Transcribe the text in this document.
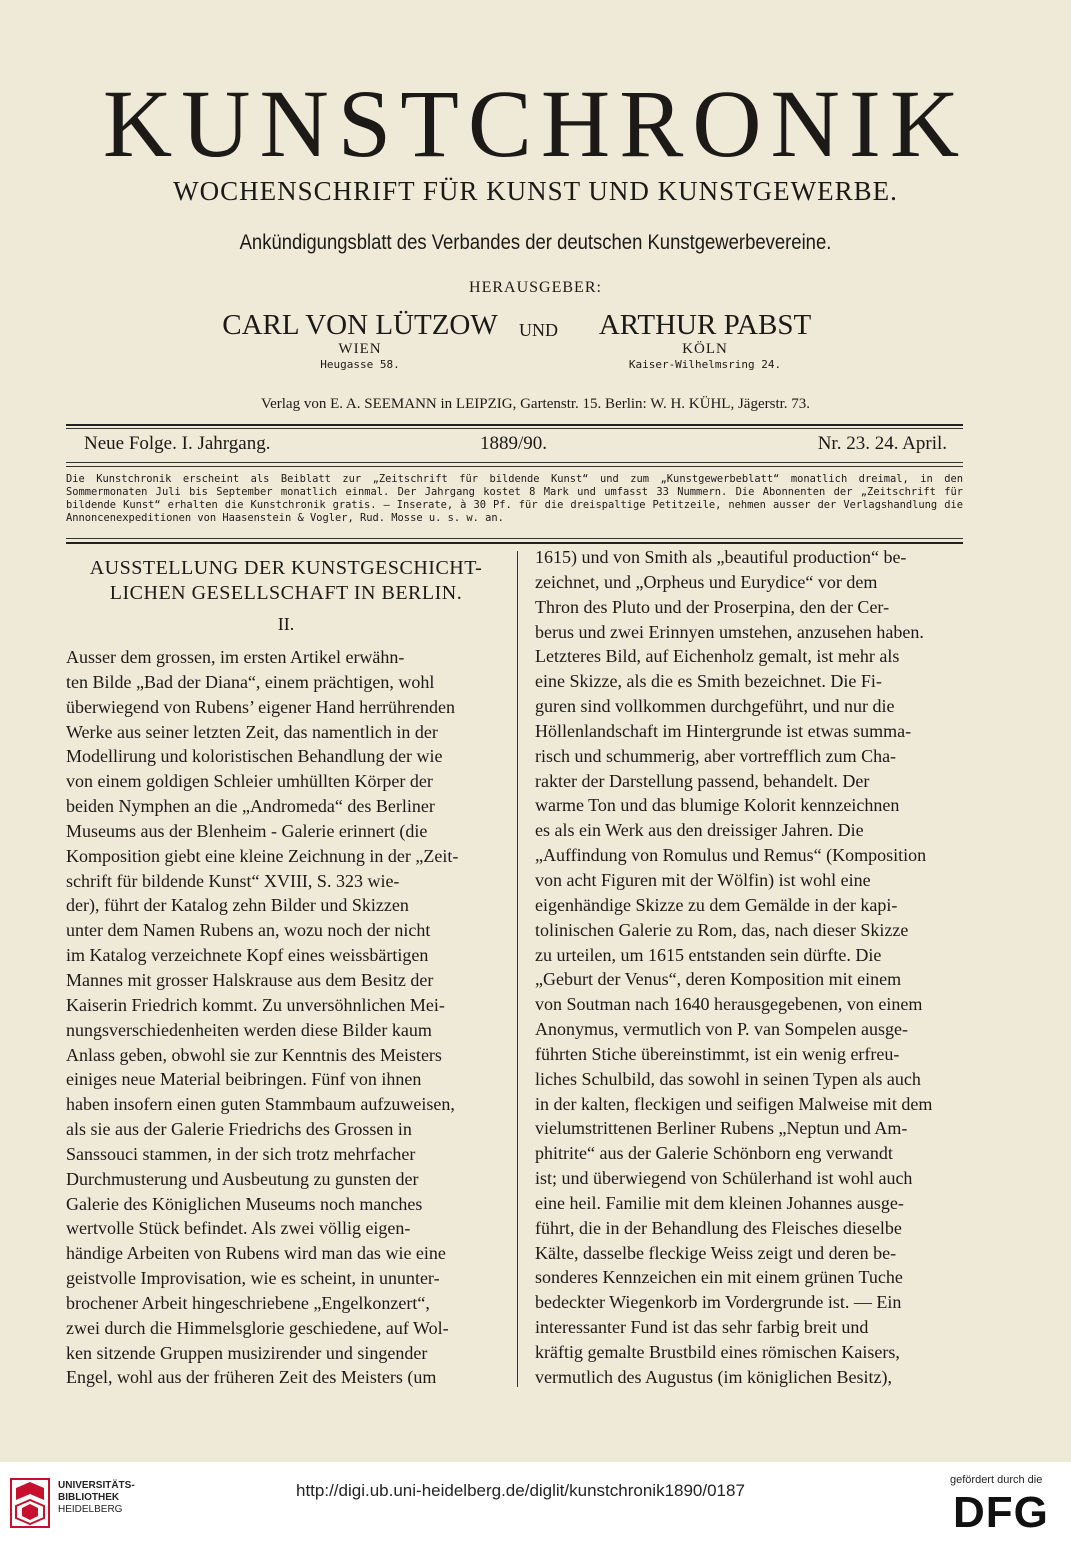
KUNSTCHRONIK
WOCHENSCHRIFT FÜR KUNST UND KUNSTGEWERBE.
Ankündigungsblatt des Verbandes der deutschen Kunstgewerbevereine.
HERAUSGEBER:
CARL VON LÜTZOW
WIEN
Heugasse 58.
UND	ARTHUR PABST
KÖLN
Kaiser-Wilhelmsring 24.
Verlag von E. A. SEEMANN in LEIPZIG, Gartenstr. 15. Berlin: W. H. KÜHL, Jägerstr. 73.
Neue Folge. I. Jahrgang.	1889/90.	Nr. 23. 24. April.
Die Kunstchronik erscheint als Beiblatt zur „Zeitschrift für bildende Kunst“ und zum „Kunstgewerbeblatt“ monatlich dreimal, in den Sommermonaten Juli bis September monatlich einmal. Der Jahrgang kostet 8 Mark und umfasst 33 Nummern. Die Abonnenten der „Zeitschrift für bildende Kunst“ erhalten die Kunstchronik gratis. — Inserate, à 30 Pf. für die dreispaltige Petitzeile, nehmen ausser der Verlagshandlung die Annoncenexpeditionen von Haasenstein & Vogler, Rud. Mosse u. s. w. an.
AUSSTELLUNG DER KUNSTGESCHICHT-
LICHEN GESELLSCHAFT IN BERLIN.
II.
Ausser dem grossen, im ersten Artikel erwähn-
ten Bilde „Bad der Diana“, einem prächtigen, wohl
überwiegend von Rubens’ eigener Hand herrührenden
Werke aus seiner letzten Zeit, das namentlich in der
Modellirung und koloristischen Behandlung der wie
von einem goldigen Schleier umhüllten Körper der
beiden Nymphen an die „Andromeda“ des Berliner
Museums aus der Blenheim - Galerie erinnert (die
Komposition giebt eine kleine Zeichnung in der „Zeit-
schrift für bildende Kunst“ XVIII, S. 323 wie-
der), führt der Katalog zehn Bilder und Skizzen
unter dem Namen Rubens an, wozu noch der nicht
im Katalog verzeichnete Kopf eines weissbärtigen
Mannes mit grosser Halskrause aus dem Besitz der
Kaiserin Friedrich kommt. Zu unversöhnlichen Mei-
nungsverschiedenheiten werden diese Bilder kaum
Anlass geben, obwohl sie zur Kenntnis des Meisters
einiges neue Material beibringen. Fünf von ihnen
haben insofern einen guten Stammbaum aufzuweisen,
als sie aus der Galerie Friedrichs des Grossen in
Sanssouci stammen, in der sich trotz mehrfacher
Durchmusterung und Ausbeutung zu gunsten der
Galerie des Königlichen Museums noch manches
wertvolle Stück befindet. Als zwei völlig eigen-
händige Arbeiten von Rubens wird man das wie eine
geistvolle Improvisation, wie es scheint, in ununter-
brochener Arbeit hingeschriebene „Engelkonzert“,
zwei durch die Himmelsglorie geschiedene, auf Wol-
ken sitzende Gruppen musizirender und singender
Engel, wohl aus der früheren Zeit des Meisters (um
1615) und von Smith als „beautiful production“ be-
zeichnet, und „Orpheus und Eurydice“ vor dem
Thron des Pluto und der Proserpina, den der Cer-
berus und zwei Erinnyen umstehen, anzusehen haben.
Letzteres Bild, auf Eichenholz gemalt, ist mehr als
eine Skizze, als die es Smith bezeichnet. Die Fi-
guren sind vollkommen durchgeführt, und nur die
Höllenlandschaft im Hintergrunde ist etwas summa-
risch und schummerig, aber vortrefflich zum Cha-
rakter der Darstellung passend, behandelt. Der
warme Ton und das blumige Kolorit kennzeichnen
es als ein Werk aus den dreissiger Jahren. Die
„Auffindung von Romulus und Remus“ (Komposition
von acht Figuren mit der Wölfin) ist wohl eine
eigenhändige Skizze zu dem Gemälde in der kapi-
tolinischen Galerie zu Rom, das, nach dieser Skizze
zu urteilen, um 1615 entstanden sein dürfte. Die
„Geburt der Venus“, deren Komposition mit einem
von Soutman nach 1640 herausgegebenen, von einem
Anonymus, vermutlich von P. van Sompelen ausge-
führten Stiche übereinstimmt, ist ein wenig erfreu-
liches Schulbild, das sowohl in seinen Typen als auch
in der kalten, fleckigen und seifigen Malweise mit dem
vielumstrittenen Berliner Rubens „Neptun und Am-
phitrite“ aus der Galerie Schönborn eng verwandt
ist; und überwiegend von Schülerhand ist wohl auch
eine heil. Familie mit dem kleinen Johannes ausge-
führt, die in der Behandlung des Fleisches dieselbe
Kälte, dasselbe fleckige Weiss zeigt und deren be-
sonderes Kennzeichen ein mit einem grünen Tuche
bedeckter Wiegenkorb im Vordergrunde ist. — Ein
interessanter Fund ist das sehr farbig breit und
kräftig gemalte Brustbild eines römischen Kaisers,
vermutlich des Augustus (im königlichen Besitz),
UNIVERSITÄTS-
BIBLIOTHEK
HEIDELBERG
http://digi.ub.uni-heidelberg.de/diglit/kunstchronik1890/0187
gefördert durch die
DFG
